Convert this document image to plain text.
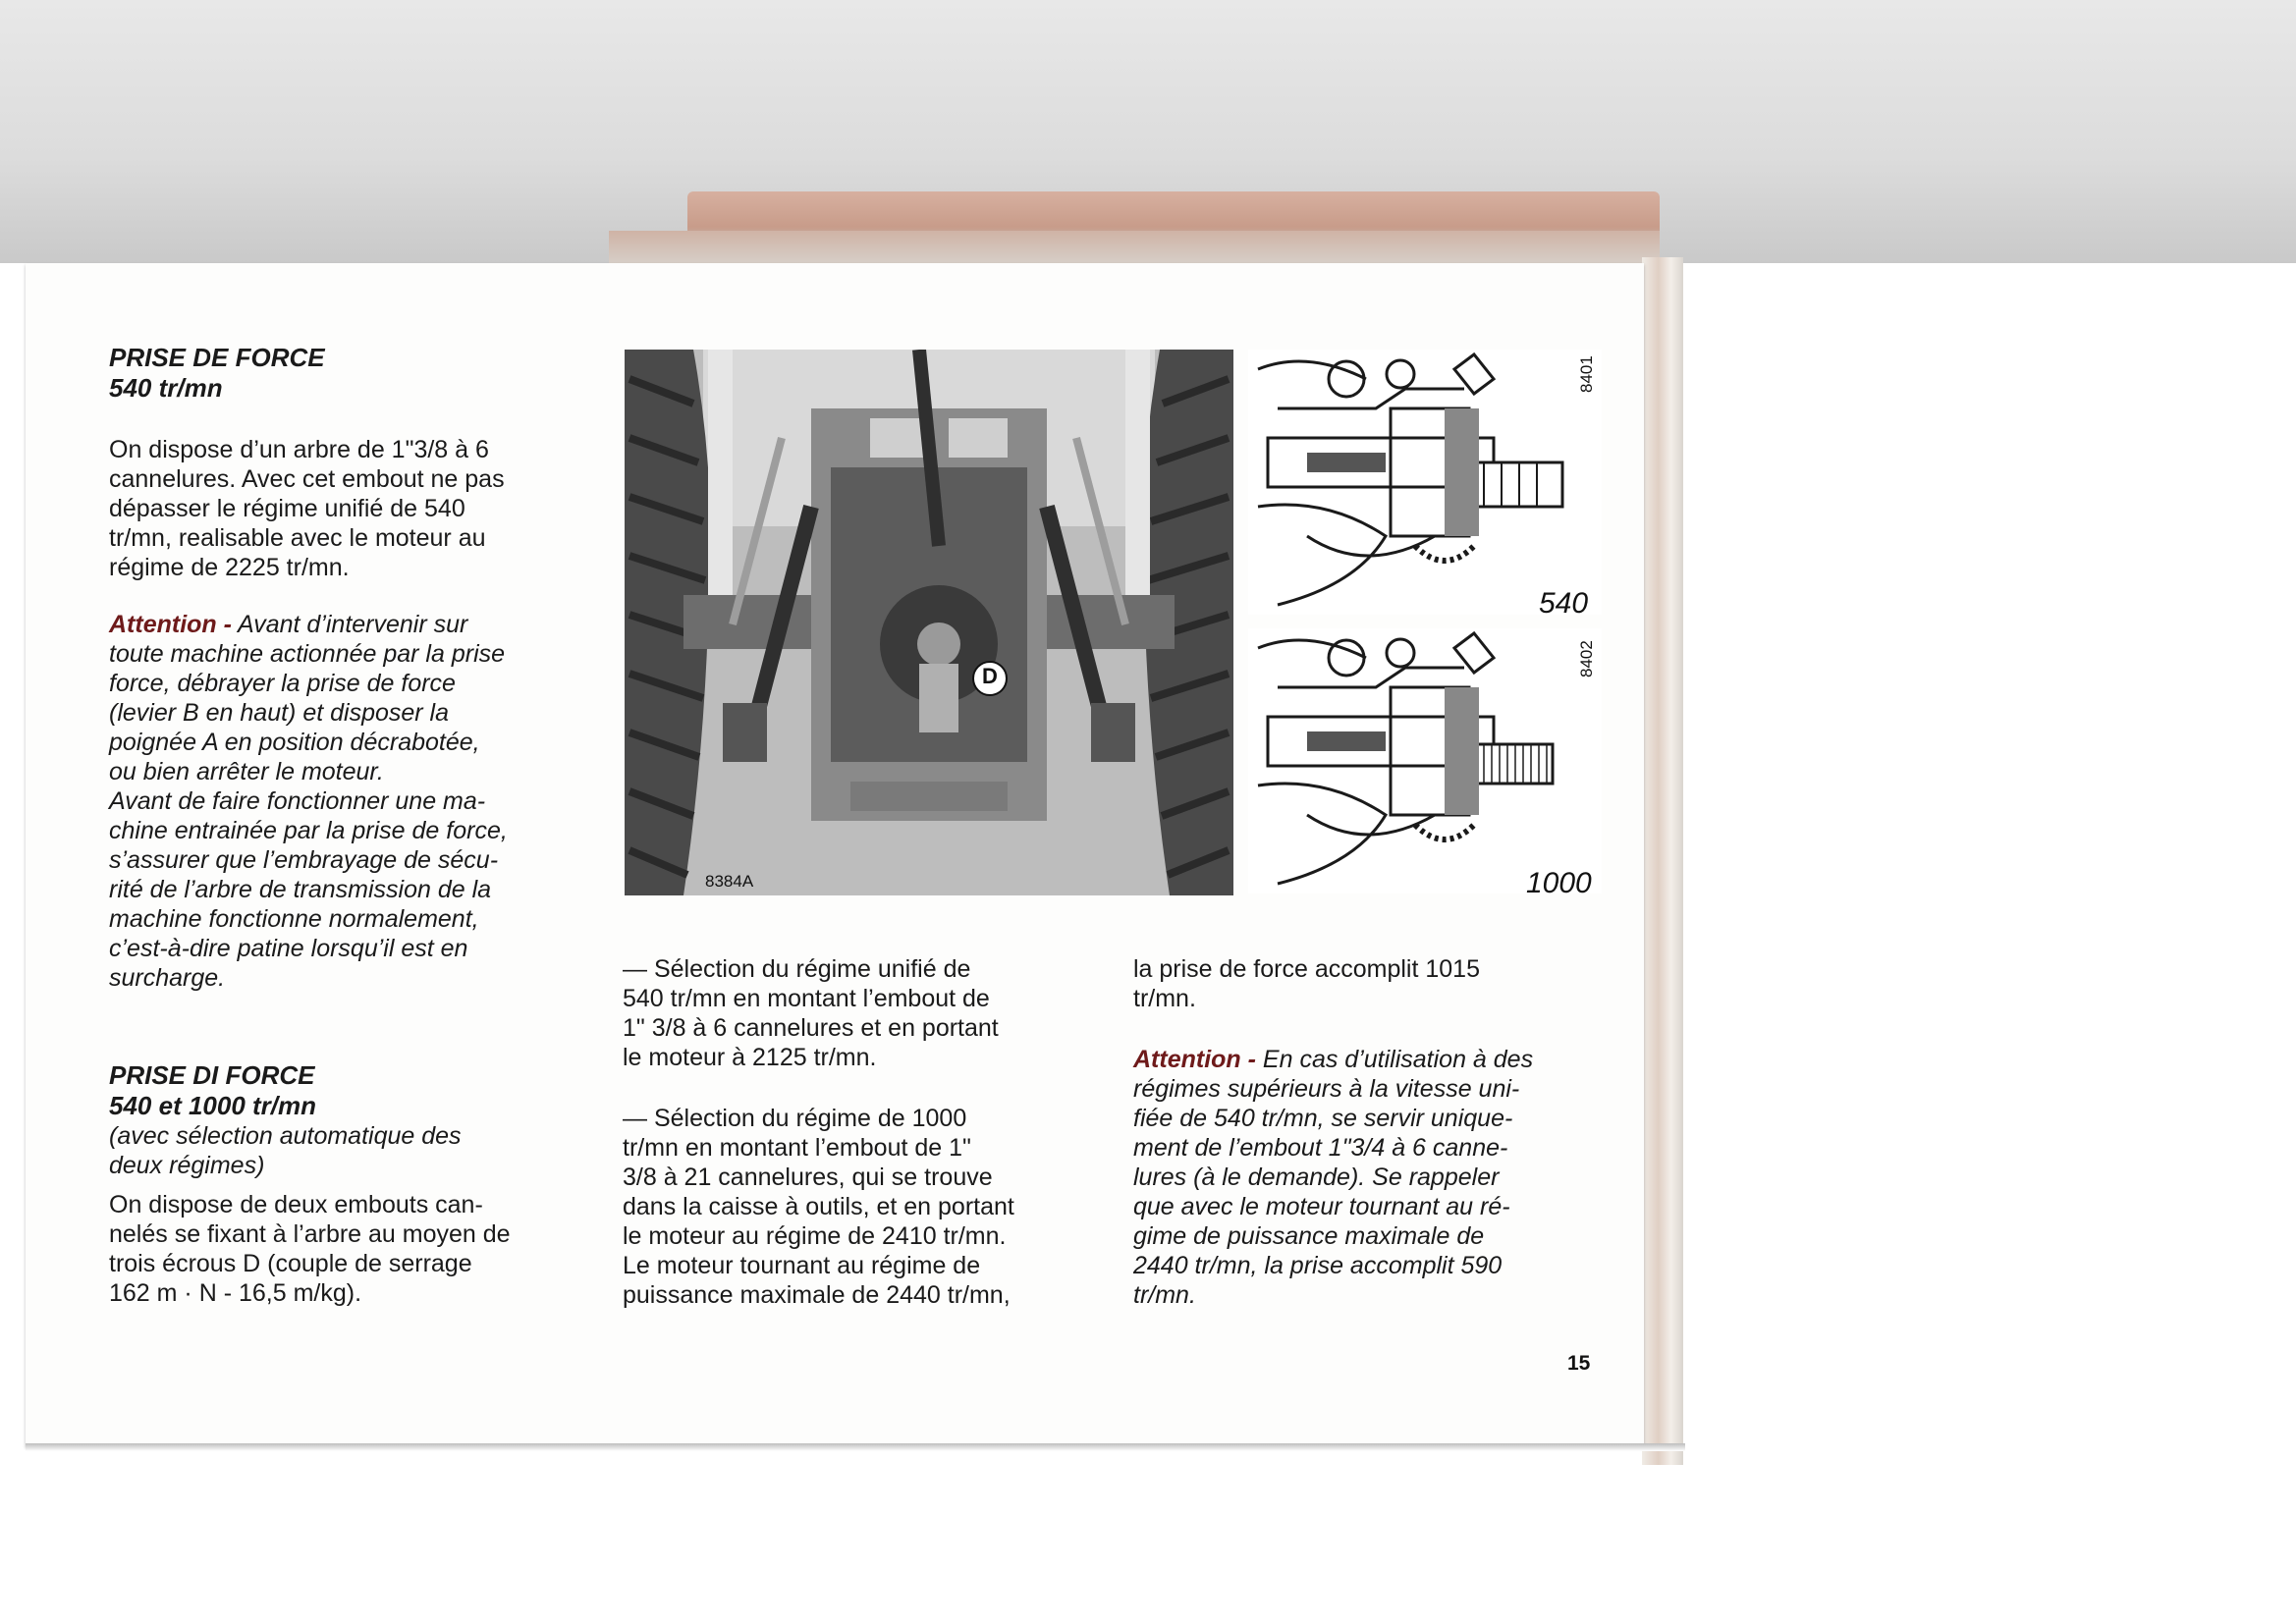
PRISE DE FORCE
540 tr/mn
On dispose d’un arbre de 1"3/8 à 6
cannelures. Avec cet embout ne pas
dépasser le régime unifié de 540
tr/mn, realisable avec le moteur au
régime de 2225 tr/mn.
Attention - Avant d’intervenir sur
toute machine actionnée par la prise
force, débrayer la prise de force
(levier B en haut) et disposer la
poignée A en position décrabotée,
ou bien arrêter le moteur.
Avant de faire fonctionner une ma-
chine entrainée par la prise de force,
s’assurer que l’embrayage de sécu-
rité de l’arbre de transmission de la
machine fonctionne normalement,
c’est-à-dire patine lorsqu’il est en
surcharge.
PRISE DI FORCE
540 et 1000 tr/mn
(avec sélection automatique des
deux régimes)
On dispose de deux embouts can-
nelés se fixant à l’arbre au moyen de
trois écrous D (couple de serrage
162 m · N - 16,5 m/kg).
D
8384A
8401
540
8402
1000
— Sélection du régime unifié de
540 tr/mn en montant l’embout de
1" 3/8 à 6 cannelures et en portant
le moteur à 2125 tr/mn.
— Sélection du régime de 1000
tr/mn en montant l’embout de 1"
3/8 à 21 cannelures, qui se trouve
dans la caisse à outils, et en portant
le moteur au régime de 2410 tr/mn.
Le moteur tournant au régime de
puissance maximale de 2440 tr/mn,
la prise de force accomplit 1015
tr/mn.
Attention - En cas d’utilisation à des
régimes supérieurs à la vitesse uni-
fiée de 540 tr/mn, se servir unique-
ment de l’embout 1"3/4 à 6 canne-
lures (à le demande). Se rappeler
que avec le moteur tournant au ré-
gime de puissance maximale de
2440 tr/mn, la prise accomplit 590
tr/mn.
15
